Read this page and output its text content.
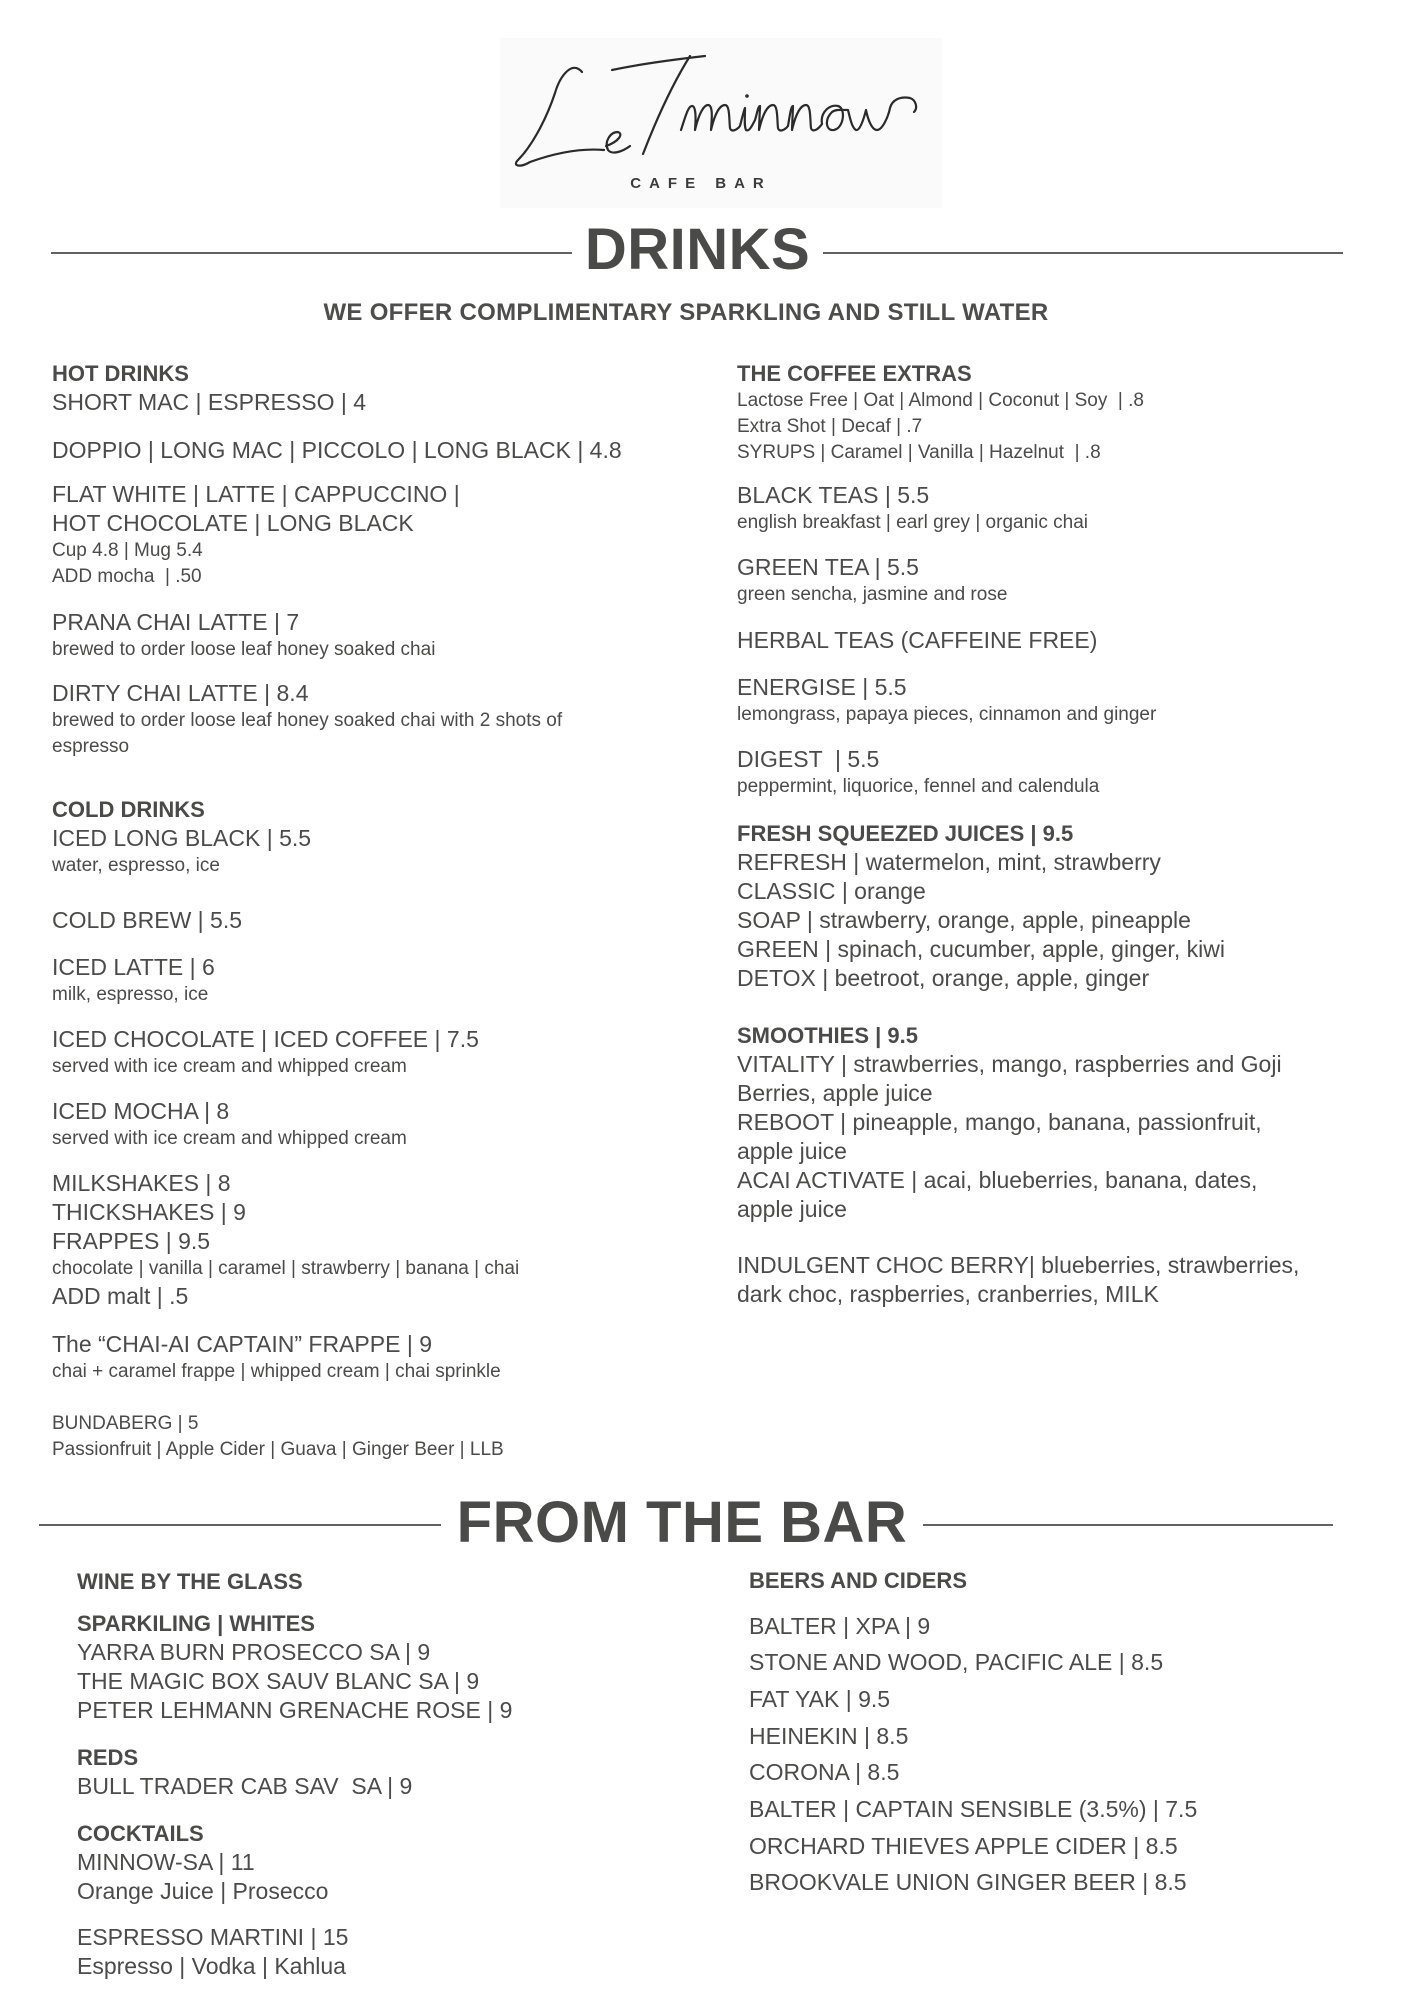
CAFE BAR
DRINKS
WE OFFER COMPLIMENTARY SPARKLING AND STILL WATER
HOT DRINKS
SHORT MAC | ESPRESSO | 4
DOPPIO | LONG MAC | PICCOLO | LONG BLACK | 4.8
FLAT WHITE | LATTE | CAPPUCCINO |
HOT CHOCOLATE | LONG BLACK
Cup 4.8 | Mug 5.4
ADD mocha  | .50
PRANA CHAI LATTE | 7
brewed to order loose leaf honey soaked chai
DIRTY CHAI LATTE | 8.4
brewed to order loose leaf honey soaked chai with 2 shots of
espresso
COLD DRINKS
ICED LONG BLACK | 5.5
water, espresso, ice
COLD BREW | 5.5
ICED LATTE | 6
milk, espresso, ice
ICED CHOCOLATE | ICED COFFEE | 7.5
served with ice cream and whipped cream
ICED MOCHA | 8
served with ice cream and whipped cream
MILKSHAKES | 8
THICKSHAKES | 9
FRAPPES | 9.5
chocolate | vanilla | caramel | strawberry | banana | chai
ADD malt | .5
The “CHAI-AI CAPTAIN” FRAPPE | 9
chai + caramel frappe | whipped cream | chai sprinkle
BUNDABERG | 5
Passionfruit | Apple Cider | Guava | Ginger Beer | LLB
THE COFFEE EXTRAS
Lactose Free | Oat | Almond | Coconut | Soy  | .8
Extra Shot | Decaf | .7
SYRUPS | Caramel | Vanilla | Hazelnut  | .8
BLACK TEAS | 5.5
english breakfast | earl grey | organic chai
GREEN TEA | 5.5
green sencha, jasmine and rose
HERBAL TEAS (CAFFEINE FREE)
ENERGISE | 5.5
lemongrass, papaya pieces, cinnamon and ginger
DIGEST  | 5.5
peppermint, liquorice, fennel and calendula
FRESH SQUEEZED JUICES | 9.5
REFRESH | watermelon, mint, strawberry
CLASSIC | orange
SOAP | strawberry, orange, apple, pineapple
GREEN | spinach, cucumber, apple, ginger, kiwi
DETOX | beetroot, orange, apple, ginger
SMOOTHIES | 9.5
VITALITY | strawberries, mango, raspberries and Goji
Berries, apple juice
REBOOT | pineapple, mango, banana, passionfruit,
apple juice
ACAI ACTIVATE | acai, blueberries, banana, dates,
apple juice
INDULGENT CHOC BERRY| blueberries, strawberries,
dark choc, raspberries, cranberries, MILK
FROM THE BAR
WINE BY THE GLASS
SPARKILING | WHITES
YARRA BURN PROSECCO SA | 9
THE MAGIC BOX SAUV BLANC SA | 9
PETER LEHMANN GRENACHE ROSE | 9
REDS
BULL TRADER CAB SAV  SA | 9
COCKTAILS
MINNOW-SA | 11
Orange Juice | Prosecco
ESPRESSO MARTINI | 15
Espresso | Vodka | Kahlua
BEERS AND CIDERS
BALTER | XPA | 9
STONE AND WOOD, PACIFIC ALE | 8.5
FAT YAK | 9.5
HEINEKIN | 8.5
CORONA | 8.5
BALTER | CAPTAIN SENSIBLE (3.5%) | 7.5
ORCHARD THIEVES APPLE CIDER | 8.5
BROOKVALE UNION GINGER BEER | 8.5
